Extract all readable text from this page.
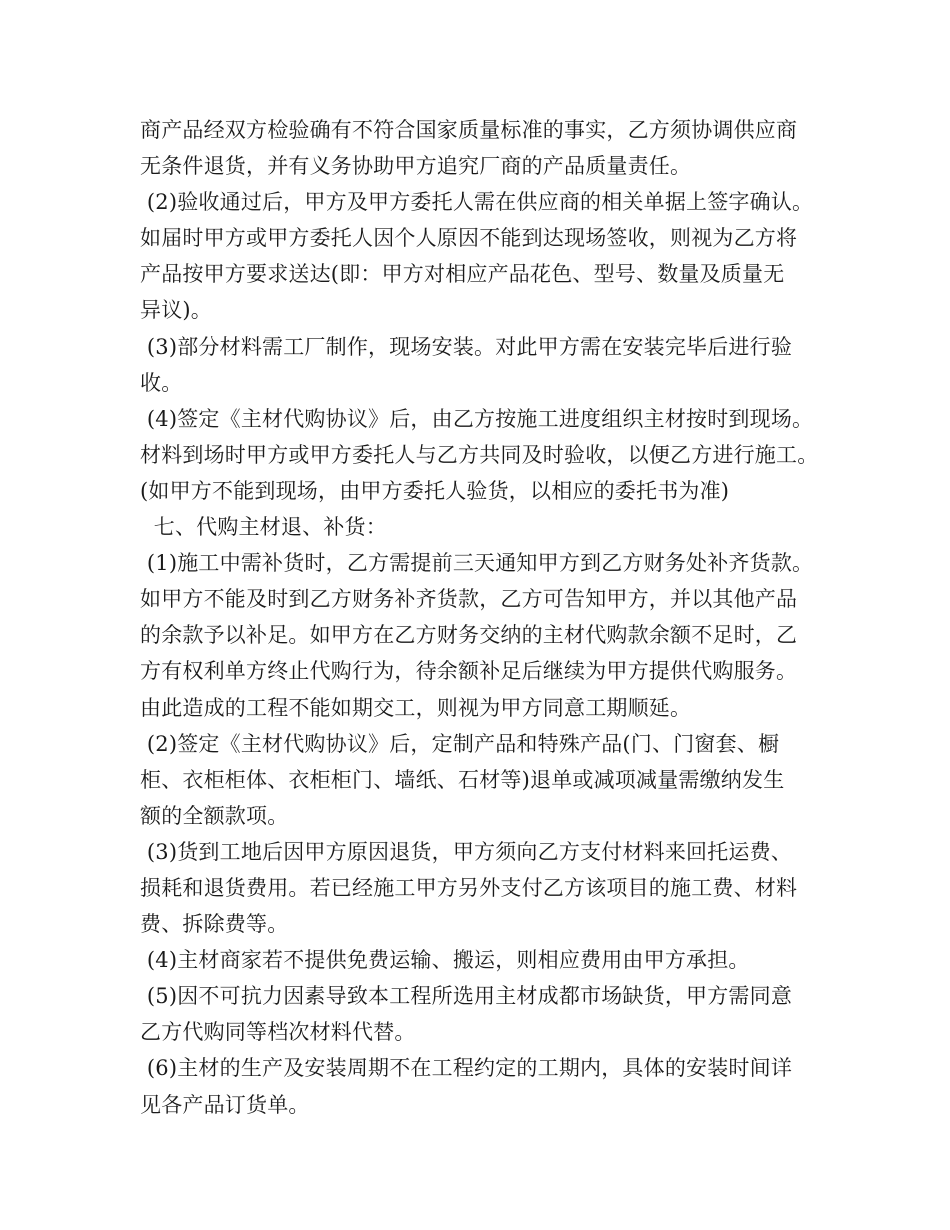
商产品经双方检验确有不符合国家质量标准的事实，乙方须协调供应商
无条件退货，并有义务协助甲方追究厂商的产品质量责任。
(2)验收通过后，甲方及甲方委托人需在供应商的相关单据上签字确认。
如届时甲方或甲方委托人因个人原因不能到达现场签收，则视为乙方将
产品按甲方要求送达(即：甲方对相应产品花色、型号、数量及质量无
异议)。
(3)部分材料需工厂制作，现场安装。对此甲方需在安装完毕后进行验
收。
(4)签定《主材代购协议》后，由乙方按施工进度组织主材按时到现场。
材料到场时甲方或甲方委托人与乙方共同及时验收，以便乙方进行施工。
(如甲方不能到现场，由甲方委托人验货，以相应的委托书为准)
七、代购主材退、补货：
(1)施工中需补货时，乙方需提前三天通知甲方到乙方财务处补齐货款。
如甲方不能及时到乙方财务补齐货款，乙方可告知甲方，并以其他产品
的余款予以补足。如甲方在乙方财务交纳的主材代购款余额不足时，乙
方有权利单方终止代购行为，待余额补足后继续为甲方提供代购服务。
由此造成的工程不能如期交工，则视为甲方同意工期顺延。
(2)签定《主材代购协议》后，定制产品和特殊产品(门、门窗套、橱
柜、衣柜柜体、衣柜柜门、墙纸、石材等)退单或减项减量需缴纳发生
额的全额款项。
(3)货到工地后因甲方原因退货，甲方须向乙方支付材料来回托运费、
损耗和退货费用。若已经施工甲方另外支付乙方该项目的施工费、材料
费、拆除费等。
(4)主材商家若不提供免费运输、搬运，则相应费用由甲方承担。
(5)因不可抗力因素导致本工程所选用主材成都市场缺货，甲方需同意
乙方代购同等档次材料代替。
(6)主材的生产及安装周期不在工程约定的工期内，具体的安装时间详
见各产品订货单。
